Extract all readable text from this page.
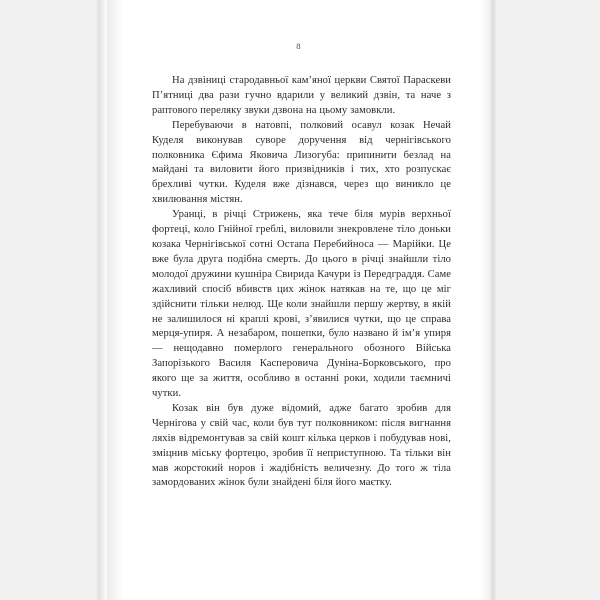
8

На дзвіниці стародавньої кам’яної церкви Святої Параскеви П’ятниці два рази гучно вдарили у великий дзвін, та наче з раптового переляку звуки дзвона на цьому замовкли.

Перебуваючи в натовпі, полковий осавул козак Нечай Куделя виконував суворе доручення від чернігівського полковника Єфима Яковича Лизогуба: припинити безлад на майдані та виловити його призвідників і тих, хто розпускає брехливі чутки. Куделя вже дізнався, через що виникло це хвилювання містян.

Уранці, в річці Стрижень, яка тече біля мурів верхньої фортеці, коло Гнійної греблі, виловили знекровлене тіло доньки козака Чернігівської сотні Остапа Перебийноса — Марійки. Це вже була друга подібна смерть. До цього в річці знайшли тіло молодої дружини кушніра Свирида Качури із Передграддя. Саме жахливий спосіб вбивств цих жінок натякав на те, що це міг здійснити тільки нелюд. Ще коли знайшли першу жертву, в якій не залишилося ні краплі крові, з’явилися чутки, що це справа мерця-упиря. А незабаром, пошепки, було названо й ім’я упиря — нещодавно померлого генерального обозного Війська Запорізького Василя Касперовича Дуніна-Борковського, про якого ще за життя, особливо в останні роки, ходили таємничі чутки.

Козак він був дуже відомий, адже багато зробив для Чернігова у свій час, коли був тут полковником: після вигнання ляхів відремонтував за свій кошт кілька церков і побудував нові, зміцнив міську фортецю, зробив її неприступною. Та тільки він мав жорстокий норов і жадібність величезну. До того ж тіла замордованих жінок були знайдені біля його маєтку.
